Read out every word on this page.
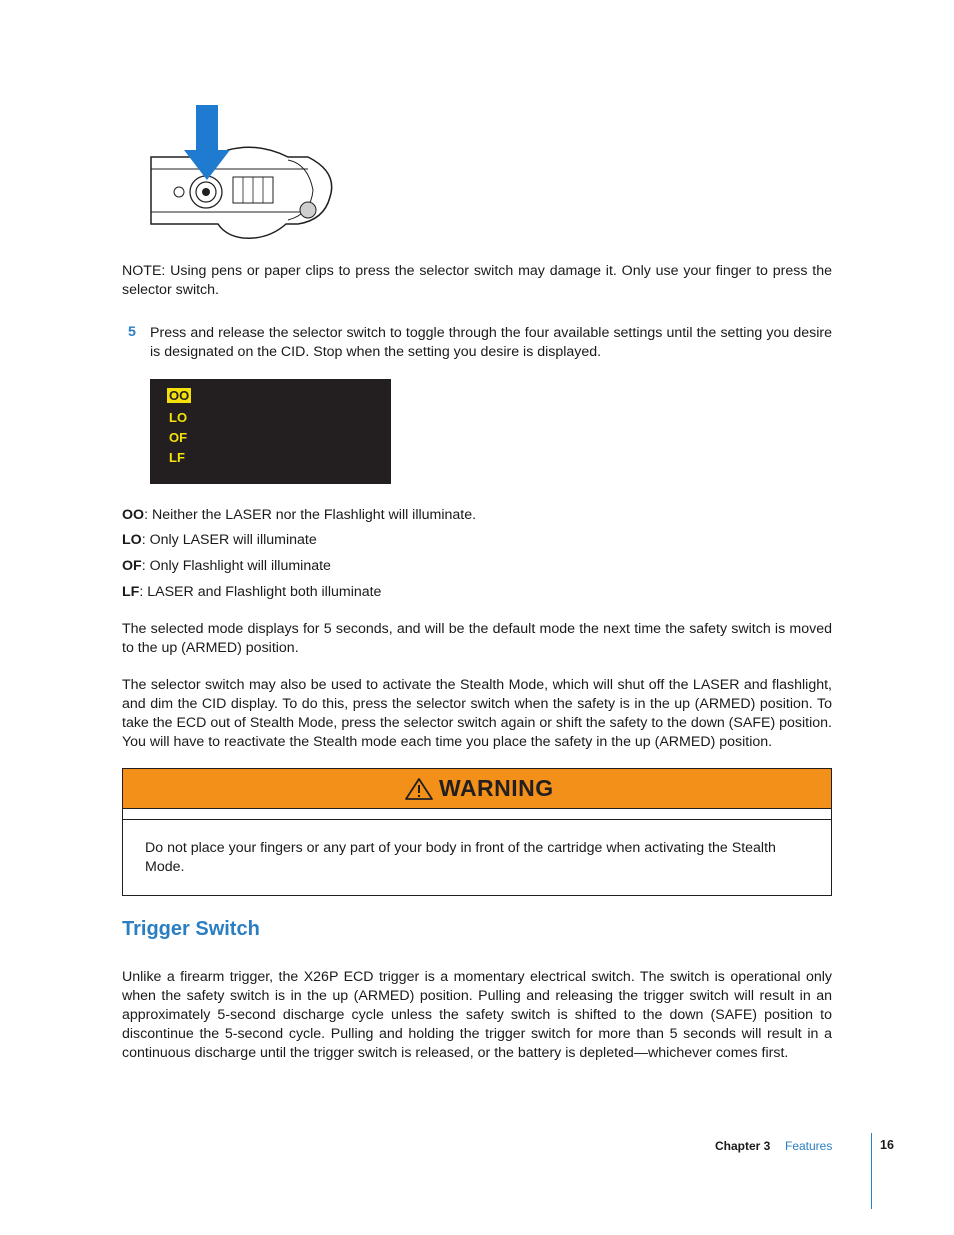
NOTE: Using pens or paper clips to press the selector switch may damage it. Only use your finger to press the selector switch.
5 Press and release the selector switch to toggle through the four available settings until the setting you desire is designated on the CID. Stop when the setting you desire is displayed.
OO
LO
OF
LF
OO: Neither the LASER nor the Flashlight will illuminate.
LO: Only LASER will illuminate
OF: Only Flashlight will illuminate
LF: LASER and Flashlight both illuminate
The selected mode displays for 5 seconds, and will be the default mode the next time the safety switch is moved to the up (ARMED) position.
The selector switch may also be used to activate the Stealth Mode, which will shut off the LASER and flashlight, and dim the CID display. To do this, press the selector switch when the safety is in the up (ARMED) position. To take the ECD out of Stealth Mode, press the selector switch again or shift the safety to the down (SAFE) position. You will have to reactivate the Stealth mode each time you place the safety in the up (ARMED) position.
WARNING
Do not place your fingers or any part of your body in front of the cartridge when activating the Stealth Mode.
Trigger Switch
Unlike a firearm trigger, the X26P ECD trigger is a momentary electrical switch. The switch is operational only when the safety switch is in the up (ARMED) position. Pulling and releasing the trigger switch will result in an approximately 5-second discharge cycle unless the safety switch is shifted to the down (SAFE) position to discontinue the 5-second cycle. Pulling and holding the trigger switch for more than 5 seconds will result in a continuous discharge until the trigger switch is released, or the battery is depleted—whichever comes first.
Chapter 3 Features	16
